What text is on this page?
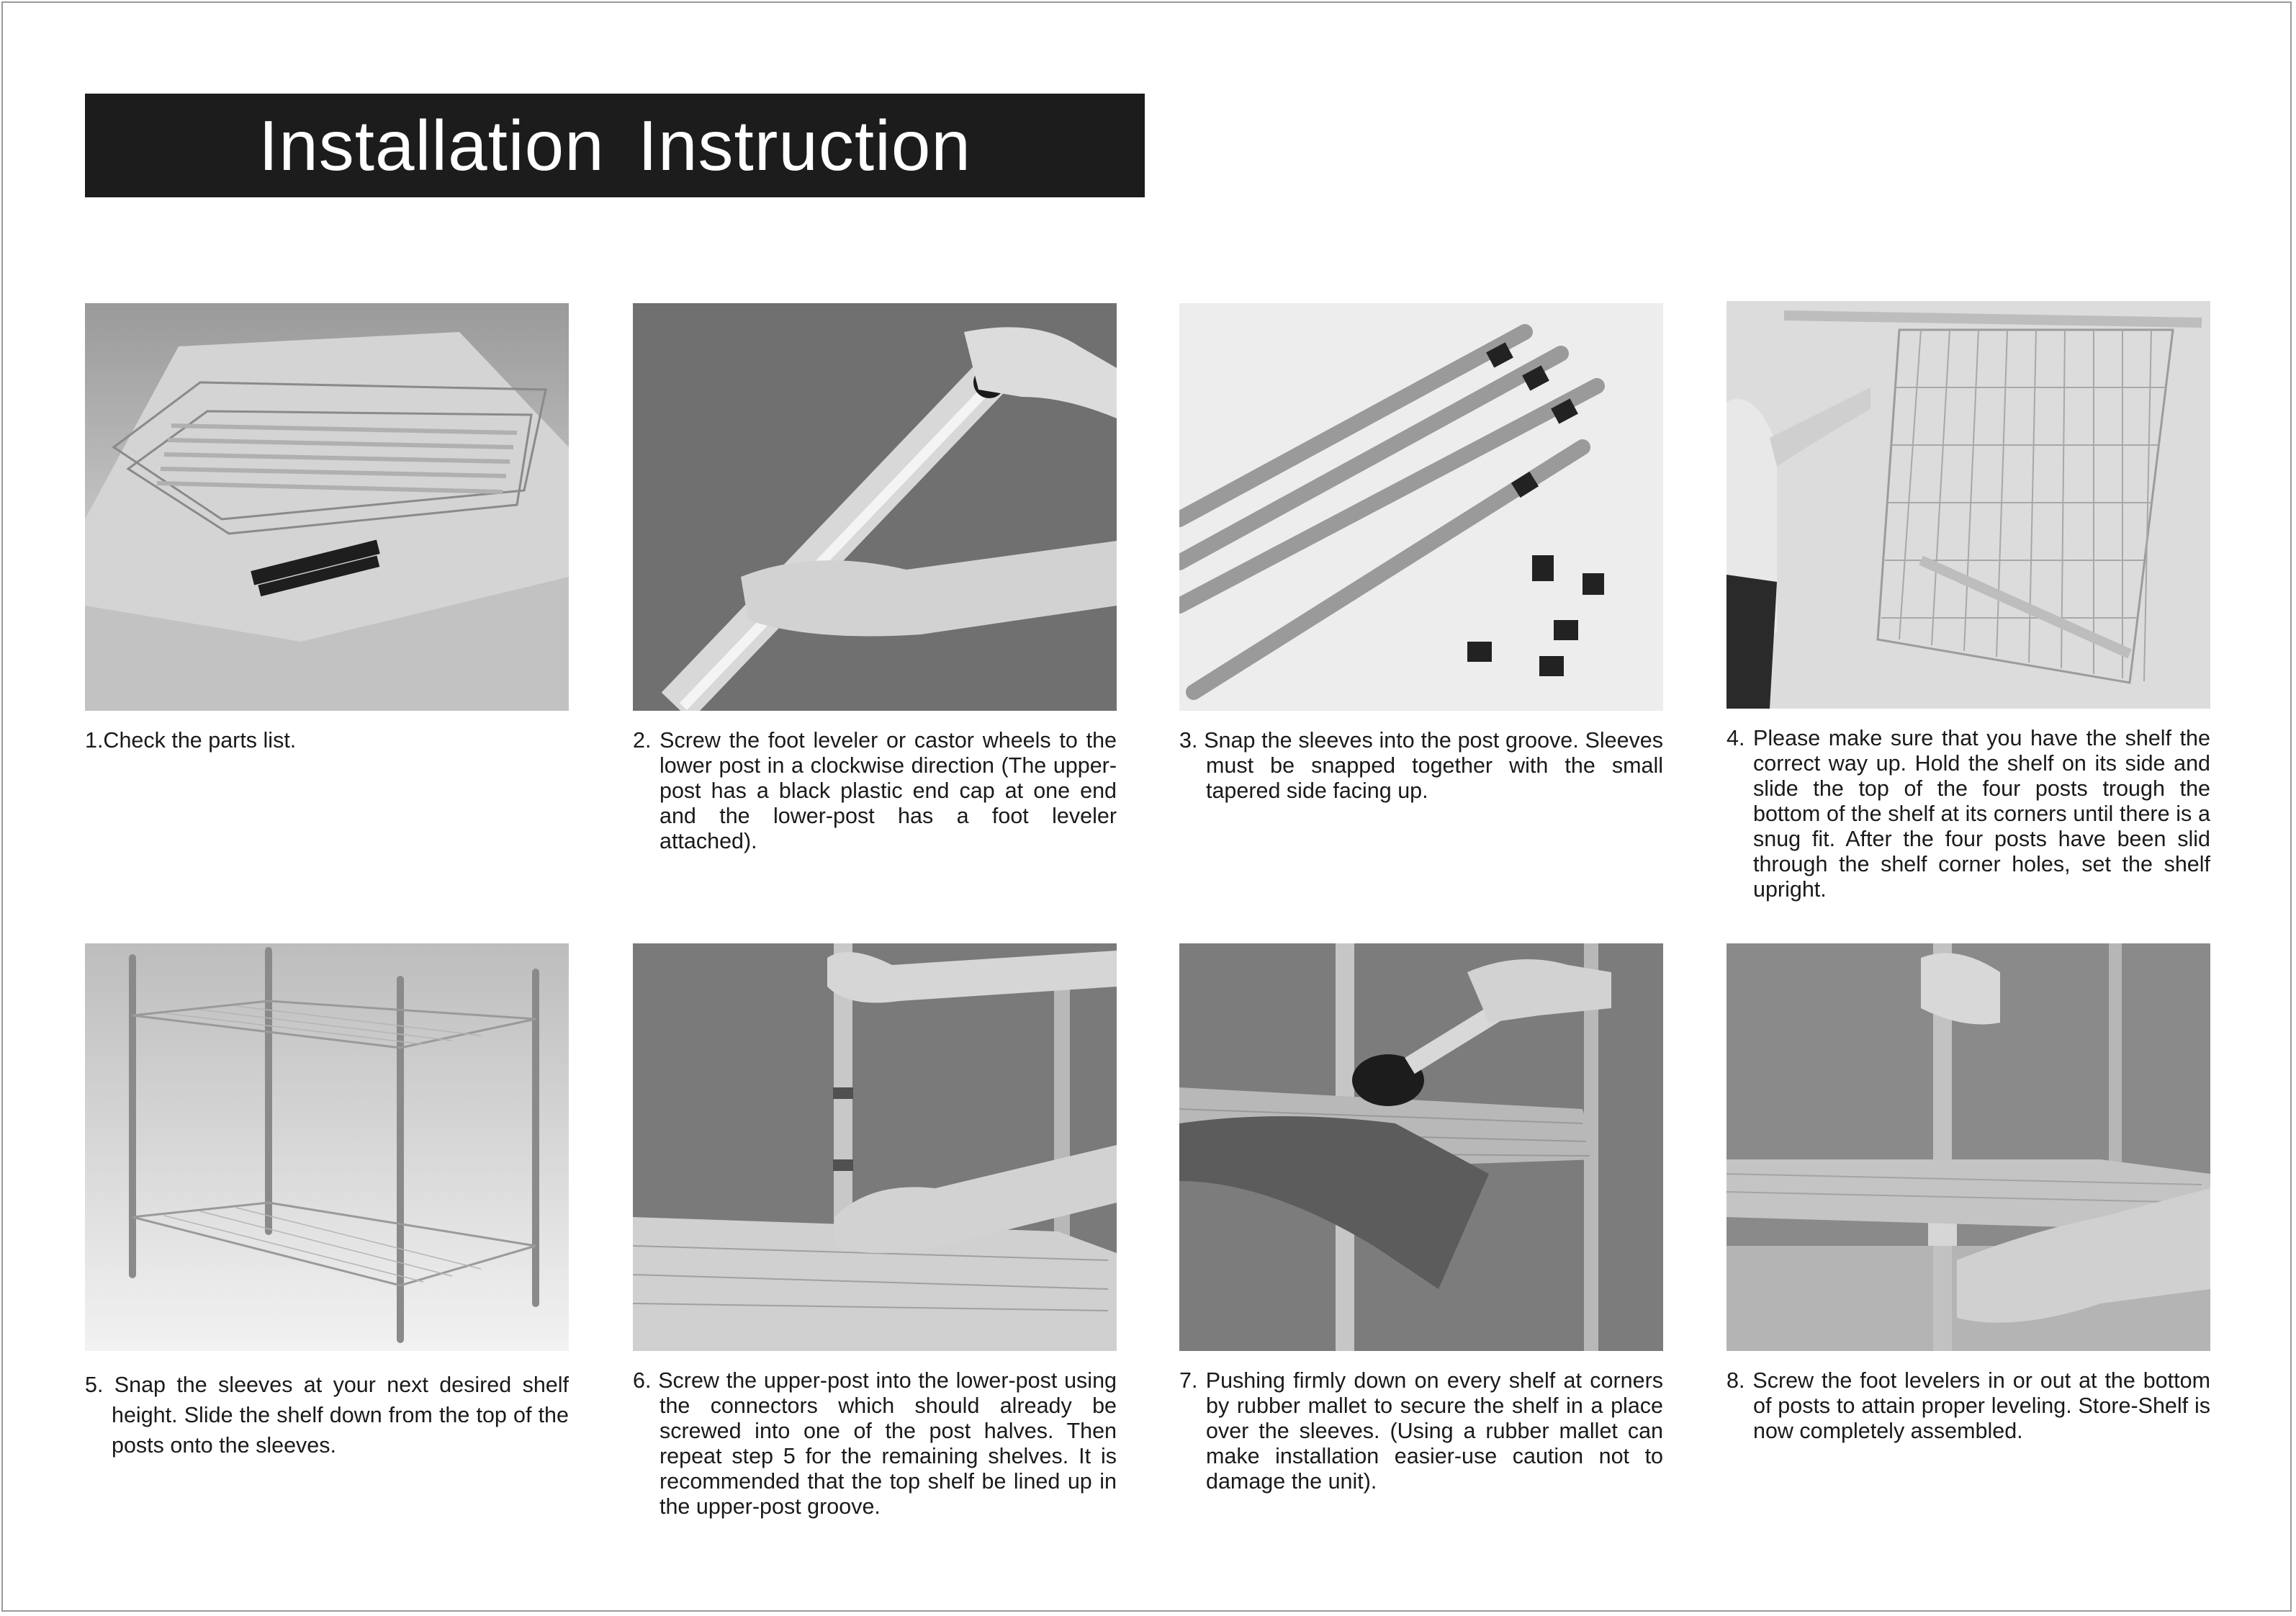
Installation Instruction
1.Check the parts list.	2. Screw the foot leveler or castor wheels to the lower post in a clockwise direction (The upper-post has a black plastic end cap at one end and the lower-post has a foot leveler attached).
3. Snap the sleeves into the post groove. Sleeves must be snapped together with the small tapered side facing up.
4. Please make sure that you have the shelf the correct way up. Hold the shelf on its side and slide the top of the four posts trough the bottom of the shelf at its corners until there is a snug fit. After the four posts have been slid through the shelf corner holes, set the shelf upright.
5. Snap the sleeves at your next desired shelf height. Slide the shelf down from the top of the posts onto the sleeves.
6. Screw the upper-post into the lower-post using the connectors which should already be screwed into one of the post halves. Then repeat step 5 for the remaining shelves. It is recommended that the top shelf be lined up in the upper-post groove.
7. Pushing firmly down on every shelf at corners by rubber mallet to secure the shelf in a place over the sleeves. (Using a rubber mallet can make installation easier-use caution not to damage the unit).
8. Screw the foot levelers in or out at the bottom of posts to attain proper leveling. Store-Shelf is now completely assembled.
